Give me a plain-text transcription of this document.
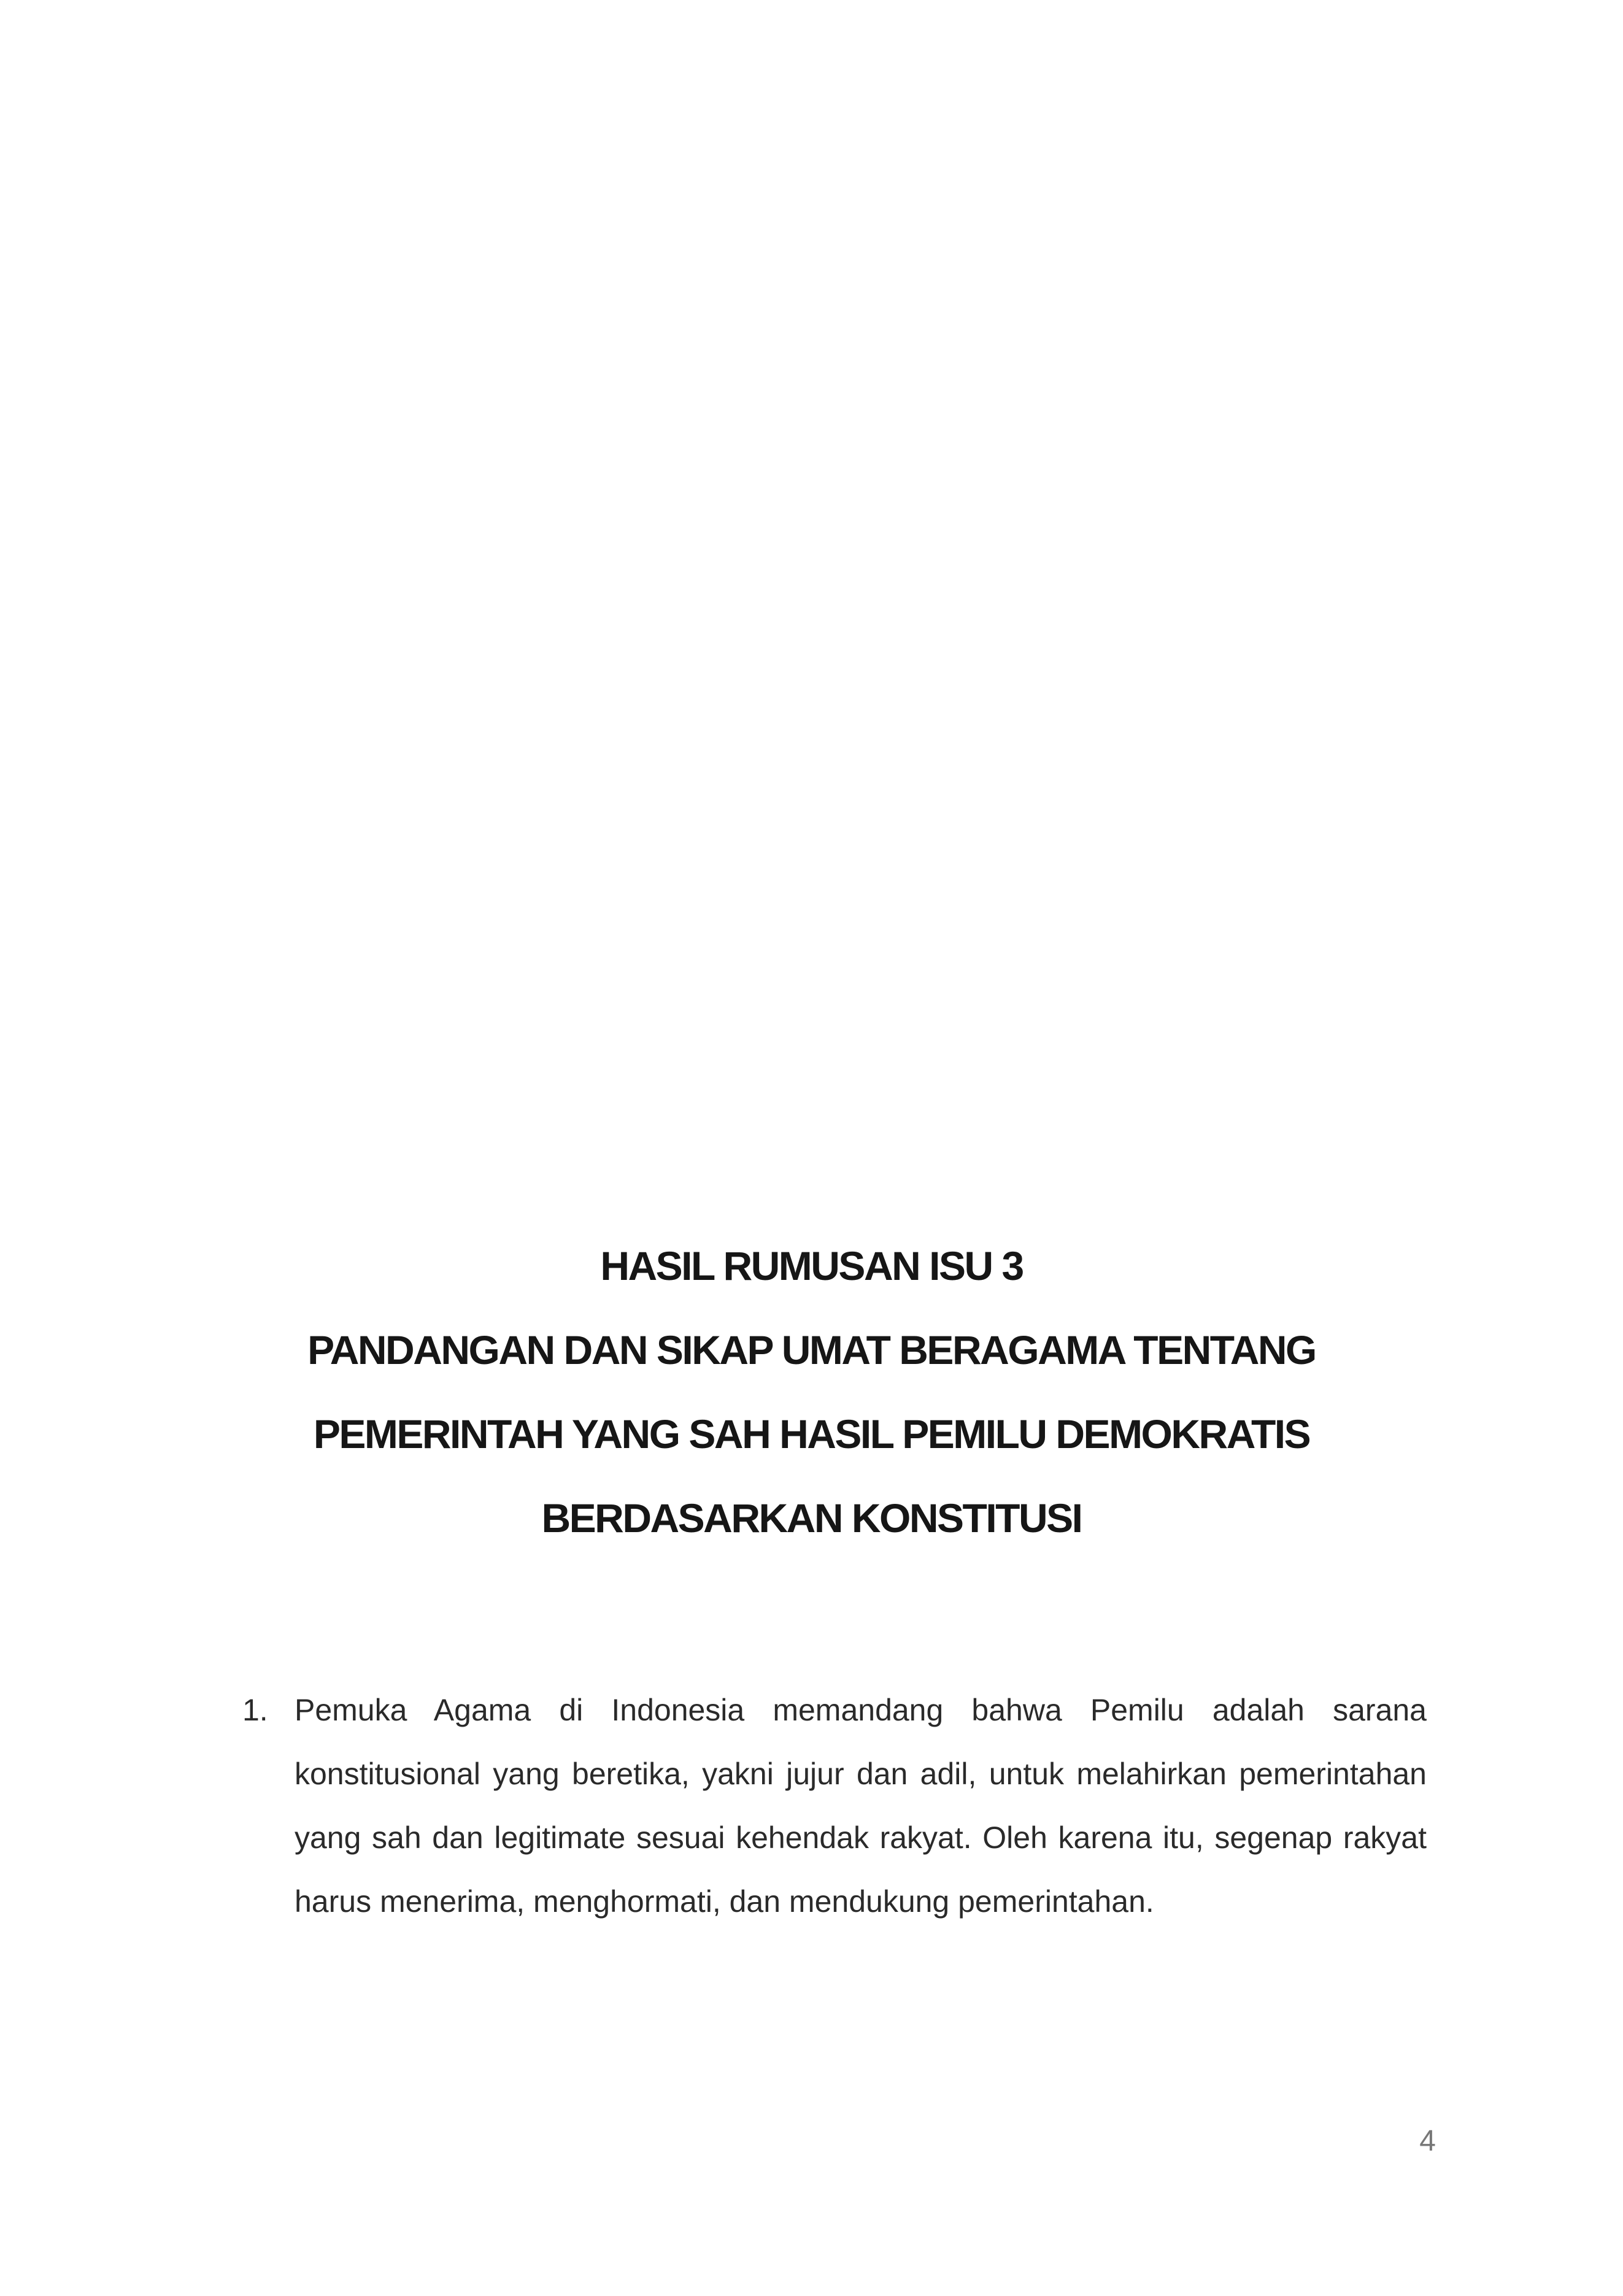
HASIL RUMUSAN ISU 3
PANDANGAN DAN SIKAP UMAT BERAGAMA TENTANG
PEMERINTAH YANG SAH HASIL PEMILU DEMOKRATIS
BERDASARKAN KONSTITUSI
1. Pemuka Agama di Indonesia memandang bahwa Pemilu adalah sarana konstitusional yang beretika, yakni jujur dan adil, untuk melahirkan pemerintahan yang sah dan legitimate sesuai kehendak rakyat. Oleh karena itu, segenap rakyat harus menerima, menghormati, dan mendukung pemerintahan.

4
